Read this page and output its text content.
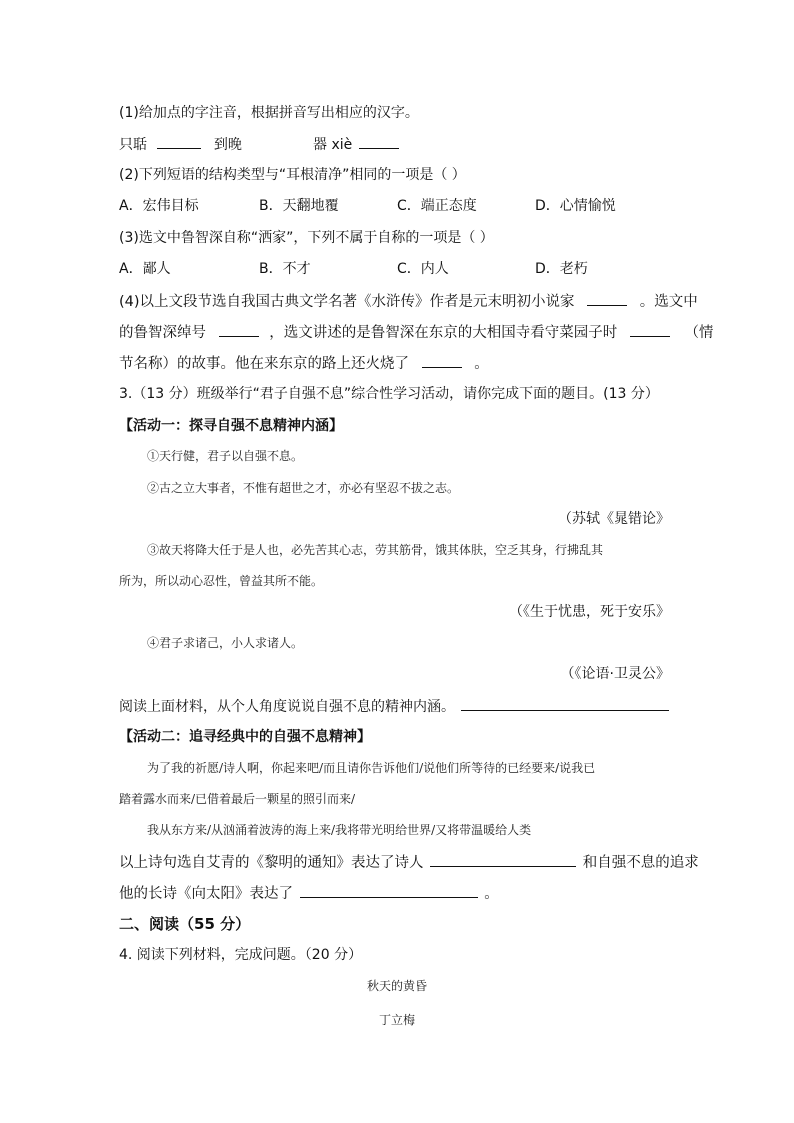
(1)给加点的字注音，根据拼音写出相应的汉字。
只聒	到晚	器 xiè
(2)下列短语的结构类型与“耳根清净”相同的一项是（ ）
A．宏伟目标	B．天翻地覆	C．端正态度	D．心情愉悦
(3)选文中鲁智深自称“洒家”，下列不属于自称的一项是（ ）
A．鄙人	B．不才	C．内人	D．老朽
(4)以上文段节选自我国古典文学名著《水浒传》作者是元末明初小说家	。选文中
的鲁智深绰号	，选文讲述的是鲁智深在东京的大相国寺看守菜园子时	（情
节名称）的故事。他在来东京的路上还火烧了	。
3.（13 分）班级举行“君子自强不息”综合性学习活动，请你完成下面的题目。(13 分）
【活动一：探寻自强不息精神内涵】
①天行健，君子以自强不息。
②古之立大事者，不惟有超世之才，亦必有坚忍不拔之志。
（苏轼《晁错论》
③故天将降大任于是人也，必先苦其心志，劳其筋骨，饿其体肤，空乏其身，行拂乱其
所为，所以动心忍性，曾益其所不能。
（《生于忧患，死于安乐》
④君子求诸己，小人求诸人。
（《论语·卫灵公》
阅读上面材料，从个人角度说说自强不息的精神内涵。
【活动二：追寻经典中的自强不息精神】
为了我的祈愿/诗人啊，你起来吧/而且请你告诉他们/说他们所等待的已经要来/说我已
踏着露水而来/已借着最后一颗星的照引而来/
我从东方来/从汹涌着波涛的海上来/我将带光明给世界/又将带温暖给人类
以上诗句选自艾青的《黎明的通知》表达了诗人	和自强不息的追求
他的长诗《向太阳》表达了	。
二、阅读（55 分）
4. 阅读下列材料，完成问题。（20 分）
秋天的黄昏
丁立梅
